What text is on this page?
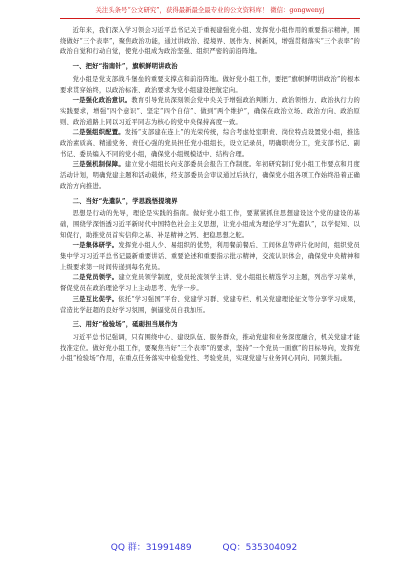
关注头条号“公文研究”，获得最新最全最专业的公文资料库！ 微信：gongwenyj

近年来，我们深入学习领会习近平总书记关于重视建强党小组、发挥党小组作用的重要指示精神，围绕做好“三个表率”，聚焦政治功能，通过讲政治、提境界、展作为、树新风，增强贯彻落实“三个表率”的政治自觉和行动自觉，使党小组成为政治坚强、组织严密的前沿阵地。

一、把好“指南针”，旗帜鲜明讲政治

党小组是党支部战斗堡垒的重要支撑点和前沿阵地。做好党小组工作，要把“旗帜鲜明讲政治”的根本要求贯穿始终，以政治标准、政治要求为党小组建设把航定向。

一是强化政治意识。教育引导党员深刻领会党中央关于增强政治判断力、政治领悟力、政治执行力的实践要求，增强“四个意识”、坚定“四个自信”、做到“两个维护”，确保在政治立场、政治方向、政治原则、政治道路上同以习近平同志为核心的党中央保持高度一致。

二是强组织配置。发扬“支部建在连上”的光荣传统，综合考虑处室职责、岗位特点设置党小组，推选政治素质高、精通党务、责任心强的党员担任党小组组长，设立记录员，明确职责分工，党支部书记、副书记、委员编入不同的党小组，确保党小组规模适中、结构合理。

三是强机制保障。建立党小组组长向支部委员会报告工作制度。年初研究制订党小组工作要点和月度活动计划，明确党建主题和活动载体，经支部委员会审议通过后执行，确保党小组各项工作始终沿着正确政治方向推进。

二、当好“先遣队”，学思践悟提境界

思想是行动的先导，理论是实践的指南。做好党小组工作，要紧紧抓住思想建设这个党的建设的基础，围绕学深悟透习近平新时代中国特色社会主义思想，让党小组成为理论学习“先遣队”，以学促知、以知促行，助推党员首实信仰之基、补足精神之钙、把稳思想之舵。

一是集体研学。发挥党小组人少、易组织的优势，利用餐前餐后、工间休息等碎片化时间，组织党员集中学习习近平总书记最新重要讲话、重要论述和重要指示批示精神，交流认识体会，确保党中央精神和上级要求第一时间传递到每名党员。

二是党员领学。建立党员领学制度，党员轮流领学主讲、党小组组长精选学习主题，列出学习菜单，督促党员在政治理论学习上主动思考、先学一步。

三是互比促学。依托“学习强国”平台、党建学习群、党建专栏、机关党建理论征文等分享学习成果，营造比学赶超的良好学习氛围，倒逼党员自我加压。

三、用好“检验场”，砥砺担当展作为

习近平总书记强调，只有围绕中心、建设队伍、服务群众，推动党建和业务深度融合，机关党建才能找准定位。做好党小组工作，要聚焦当好“三个表率”的要求，坚持“一个党员一面旗”的目标导向，发挥党小组“检验场”作用，在重点任务落实中检验党性、考验党员，实现党建与业务同心同向、同频共振。

QQ 群：31991489	QQ：535304092
